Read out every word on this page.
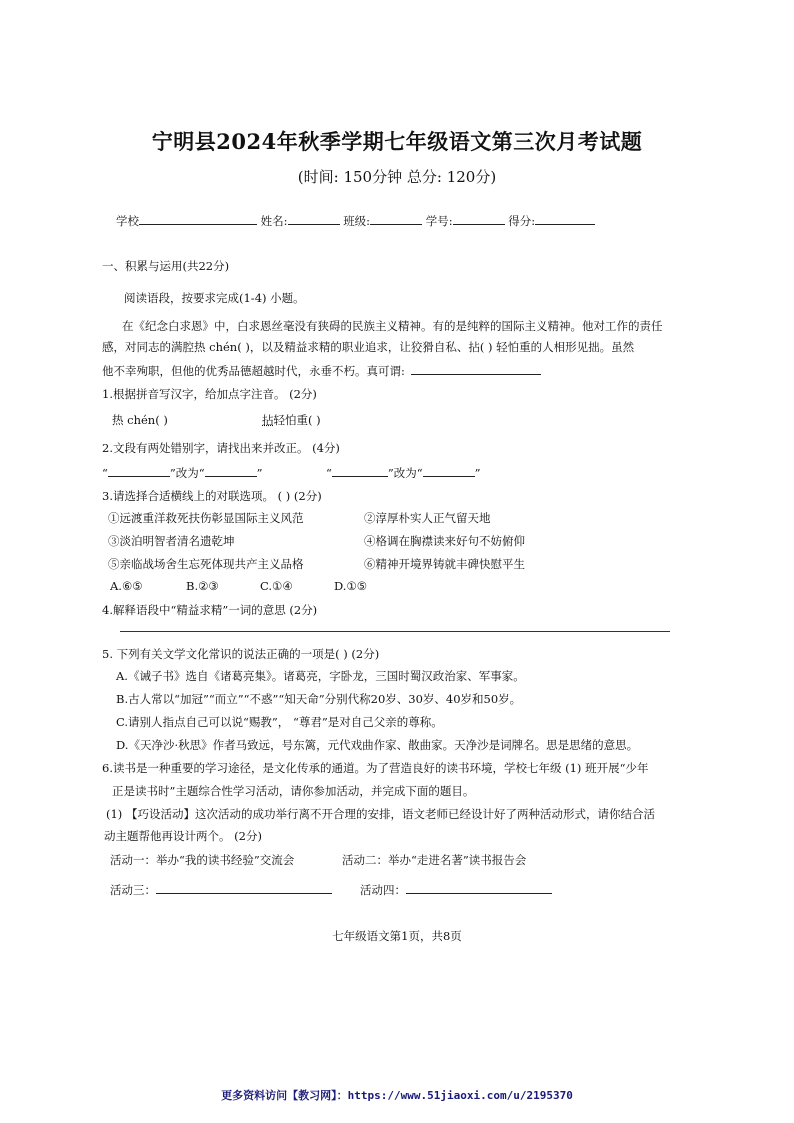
宁明县2024年秋季学期七年级语文第三次月考试题
(时间: 150分钟 总分: 120分)
学校	姓名:	班级:	学号:	得分:
一、积累与运用(共22分)
阅读语段，按要求完成(1-4) 小题。
在《纪念白求恩》中，白求恩丝毫没有狭碍的民族主义精神。有的是纯粹的国际主义精神。他对工作的责任
感，对同志的满腔热 chén( )，以及精益求精的职业追求，让狡猾自私、拈( ) 轻怕重的人相形见拙。虽然
他不幸殉职，但他的优秀品德超越时代，永垂不朽。真可谓:
1.根据拼音写汉字，给加点字注音。 (2分)
热 chén( )	拈轻怕重( )
2.文段有两处错别字，请找出来并改正。 (4分)
“	”改为“	”	“	”改为“	”
3.请选择合适横线上的对联选项。 ( ) (2分)
①远渡重洋救死扶伤彰显国际主义风范	②淳厚朴实人正气留天地
③淡泊明智者清名遗乾坤	④格调在胸襟读来好句不妨俯仰
⑤亲临战场舍生忘死体现共产主义品格	⑥精神开境界铸就丰碑快慰平生
A.⑥⑤	B.②③	C.①④	D.①⑤
4.解释语段中“精益求精”一词的意思 (2分)
5. 下列有关文学文化常识的说法正确的一项是( ) (2分)
A.《诫子书》选自《诸葛亮集》。诸葛亮，字卧龙，三国时蜀汉政治家、军事家。
B.古人常以“加冠”“而立”“不惑”“知天命”分别代称20岁、30岁、40岁和50岁。
C.请别人指点自己可以说“赐教”， “尊君”是对自己父亲的尊称。
D.《天净沙·秋思》作者马致远，号东篱，元代戏曲作家、散曲家。天净沙是词牌名。思是思绪的意思。
6.读书是一种重要的学习途径，是文化传承的通道。为了营造良好的读书环境，学校七年级 (1) 班开展“少年
正是读书时”主题综合性学习活动，请你参加活动，并完成下面的题目。
(1) 【巧设活动】这次活动的成功举行离不开合理的安排，语文老师已经设计好了两种活动形式，请你结合活
动主题帮他再设计两个。 (2分)
活动一：举办“我的读书经验”交流会	活动二：举办“走进名著”读书报告会
活动三：	活动四：
七年级语文第1页，共8页
更多资料访问【教习网】：https://www.51jiaoxi.com/u/2195370
